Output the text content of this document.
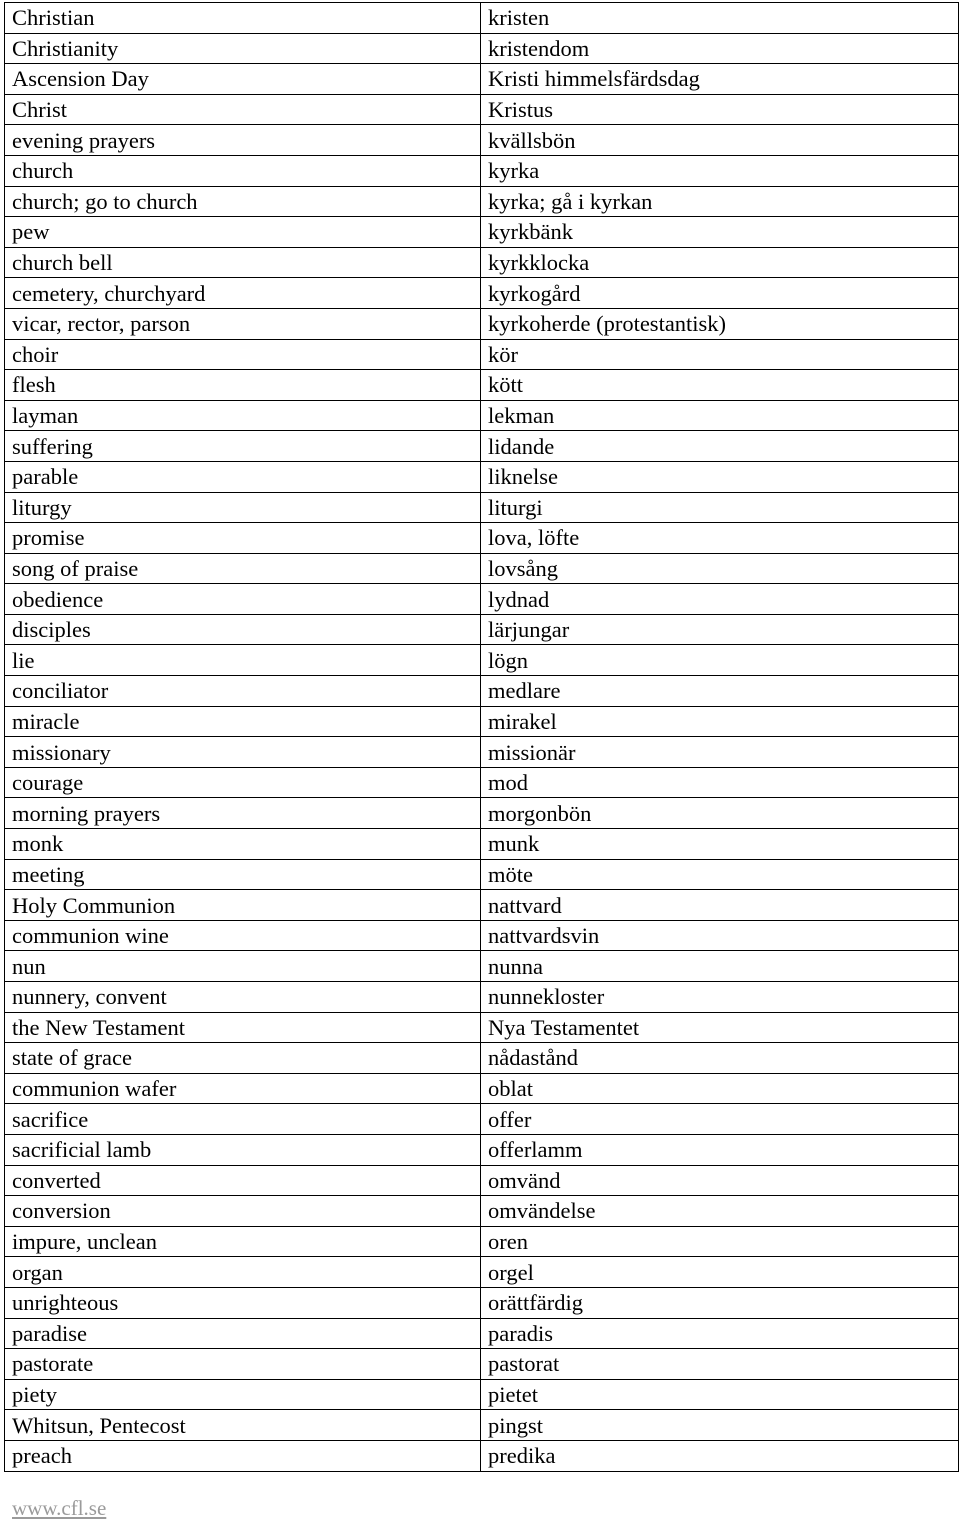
Christian	kristen
Christianity	kristendom
Ascension Day	Kristi himmelsfärdsdag
Christ	Kristus
evening prayers	kvällsbön
church	kyrka
church; go to church	kyrka; gå i kyrkan
pew	kyrkbänk
church bell	kyrkklocka
cemetery, churchyard	kyrkogård
vicar, rector, parson	kyrkoherde (protestantisk)
choir	kör
flesh	kött
layman	lekman
suffering	lidande
parable	liknelse
liturgy	liturgi
promise	lova, löfte
song of praise	lovsång
obedience	lydnad
disciples	lärjungar
lie	lögn
conciliator	medlare
miracle	mirakel
missionary	missionär
courage	mod
morning prayers	morgonbön
monk	munk
meeting	möte
Holy Communion	nattvard
communion wine	nattvardsvin
nun	nunna
nunnery, convent	nunnekloster
the New Testament	Nya Testamentet
state of grace	nådastånd
communion wafer	oblat
sacrifice	offer
sacrificial lamb	offerlamm
converted	omvänd
conversion	omvändelse
impure, unclean	oren
organ	orgel
unrighteous	orättfärdig
paradise	paradis
pastorate	pastorat
piety	pietet
Whitsun, Pentecost	pingst
preach	predika
www.cfl.se
